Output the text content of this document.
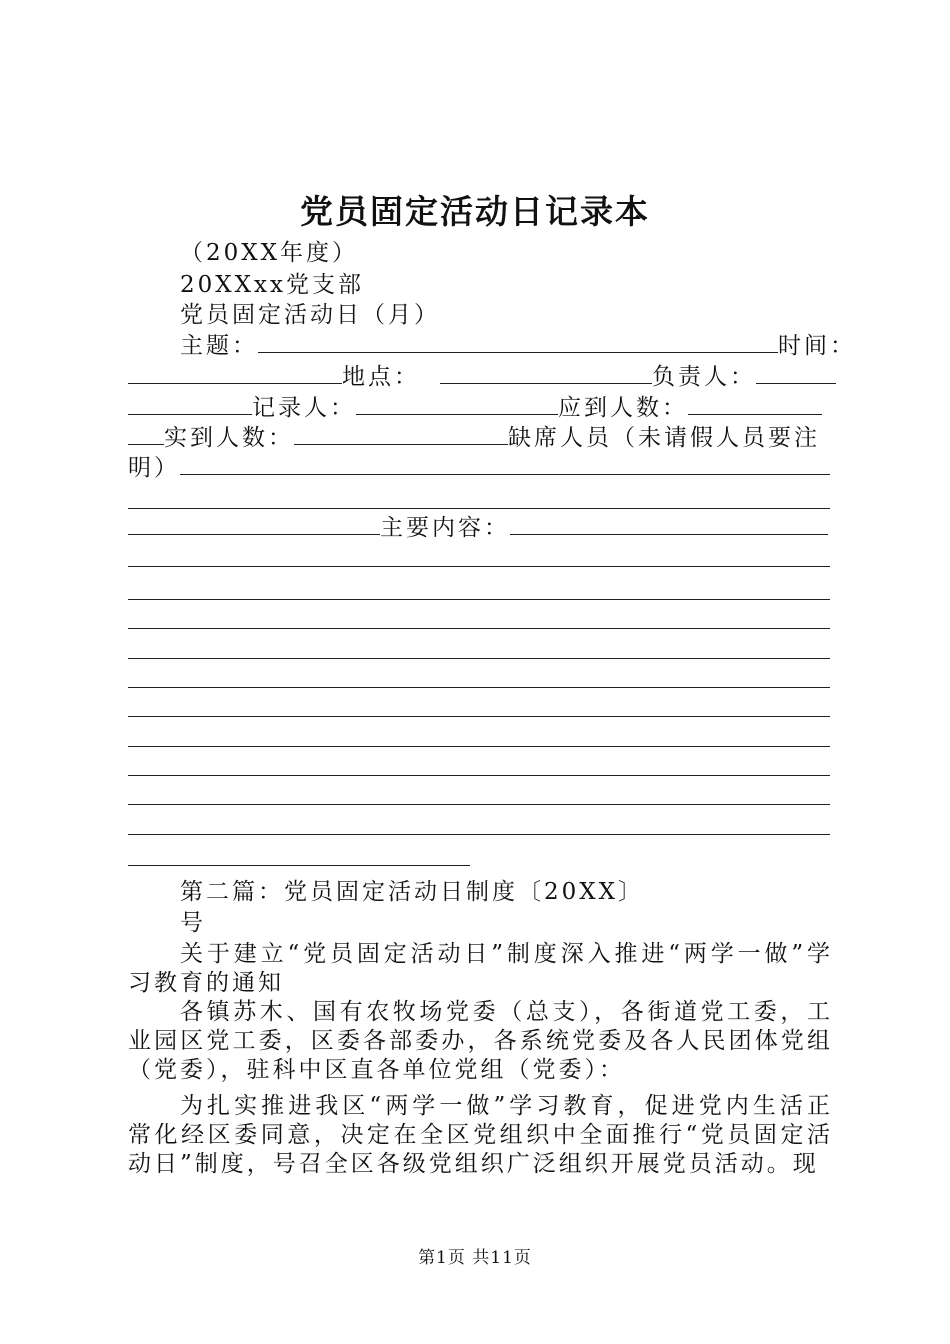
党员固定活动日记录本
（20XX年度）
20XXxx党支部
党员固定活动日（月）
主题：	时间：
地点：	负责人：
记录人：	应到人数：
实到人数：	缺席人员（未请假人员要注
明）
主要内容：
第二篇：党员固定活动日制度〔20XX〕
号
关于建立“党员固定活动日”制度深入推进“两学一做”学习教育的通知
各镇苏木、国有农牧场党委（总支），各街道党工委，工业园区党工委，区委各部委办，各系统党委及各人民团体党组（党委），驻科中区直各单位党组（党委）：
为扎实推进我区“两学一做”学习教育，促进党内生活正常化经区委同意，决定在全区党组织中全面推行“党员固定活动日”制度，号召全区各级党组织广泛组织开展党员活动。现
第1页 共11页
